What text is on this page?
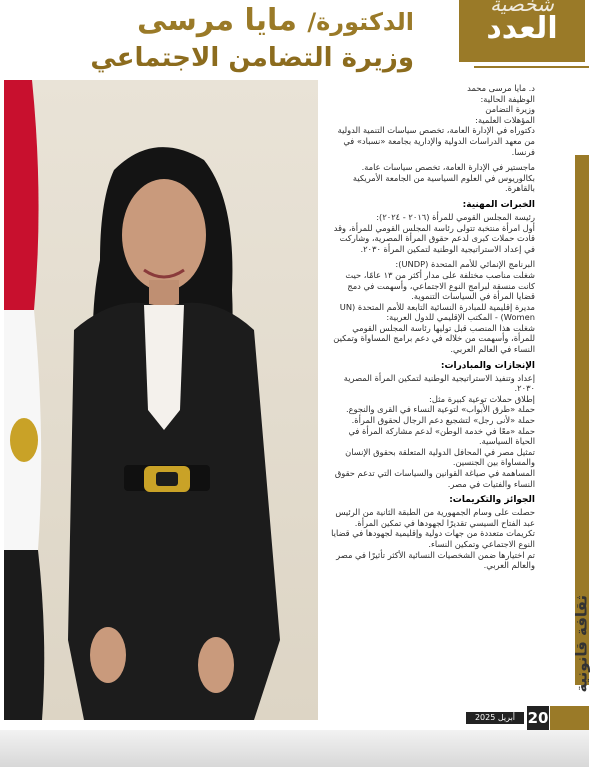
الدكتورة/ مايا مرسى
وزيرة التضامن الاجتماعي
شخصية
العدد

د. مايا مرسى محمد

الوظيفة الحالية:

وزيرة التضامن

المؤهلات العلمية:

دكتوراه في الإدارة العامة، تخصص سياسات التنمية الدولية من معهد الدراسات الدولية والإدارية بجامعة «نسباد» في فرنسا.

ماجستير في الإدارة العامة، تخصص سياسات عامة.

بكالوريوس في العلوم السياسية من الجامعة الأمريكية بالقاهرة.

الخبرات المهنية:

رئيسة المجلس القومي للمرأة (٢٠١٦ - ٢٠٢٤):

أول امرأة منتخبة تتولى رئاسة المجلس القومي للمرأة، وقد قادت حملات كبرى لدعم حقوق المرأة المصرية، وشاركت في إعداد الاستراتيجية الوطنية لتمكين المرأة ٢٠٣٠.

البرنامج الإنمائي للأمم المتحدة (UNDP):

شغلت مناصب مختلفة على مدار أكثر من ١٣ عامًا، حيث كانت منسقة لبرامج النوع الاجتماعي، وأسهمت في دمج قضايا المرأة في السياسات التنموية.

مديرة إقليمية للمبادرة النسائية التابعة للأمم المتحدة (UN Women) - المكتب الإقليمي للدول العربية:

شغلت هذا المنصب قبل توليها رئاسة المجلس القومي للمرأة، وأسهمت من خلاله في دعم برامج المساواة وتمكين النساء في العالم العربي.

الإنجازات والمبادرات:

إعداد وتنفيذ الاستراتيجية الوطنية لتمكين المرأة المصرية ٢٠٣٠.

إطلاق حملات توعية كبيرة مثل:

حملة «طرق الأبواب» لتوعية النساء في القرى والنجوع.

حملة «لأنى رجل» لتشجيع دعم الرجال لحقوق المرأة.

حملة «معًا في خدمة الوطن» لدعم مشاركة المرأة في الحياة السياسية.

تمثيل مصر في المحافل الدولية المتعلقة بحقوق الإنسان والمساواة بين الجنسين.

المساهمة في صياغة القوانين والسياسات التي تدعم حقوق النساء والفتيات في مصر.

الجوائز والتكريمات:

حصلت على وسام الجمهورية من الطبقة الثانية من الرئيس عبد الفتاح السيسي تقديرًا لجهودها في تمكين المرأة.

تكريمات متعددة من جهات دولية وإقليمية لجهودها في قضايا النوع الاجتماعي وتمكين النساء.

تم اختيارها ضمن الشخصيات النسائية الأكثر تأثيرًا في مصر والعالم العربي.

ثقافة قانونية
أبريل 2025 20
